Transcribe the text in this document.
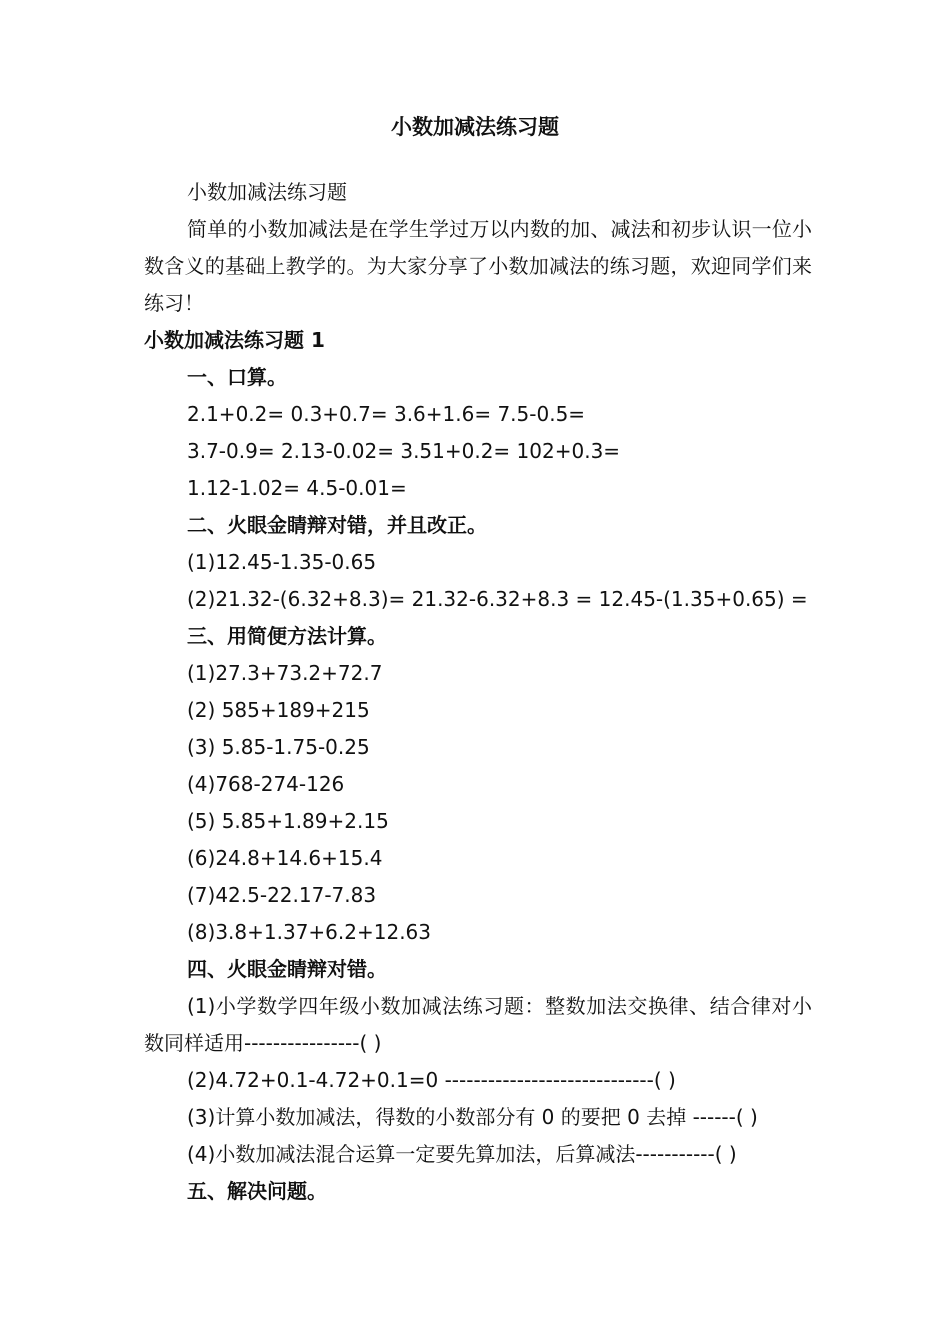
小数加减法练习题
小数加减法练习题
简单的小数加减法是在学生学过万以内数的加、减法和初步认识一位小数含义的基础上教学的。为大家分享了小数加减法的练习题，欢迎同学们来练习！
小数加减法练习题 1
一、口算。
2.1+0.2= 0.3+0.7= 3.6+1.6= 7.5-0.5=
3.7-0.9= 2.13-0.02= 3.51+0.2= 102+0.3=
1.12-1.02= 4.5-0.01=
二、火眼金睛辩对错，并且改正。
(1)12.45-1.35-0.65
(2)21.32-(6.32+8.3)= 21.32-6.32+8.3 = 12.45-(1.35+0.65) =
三、用简便方法计算。
(1)27.3+73.2+72.7
(2) 585+189+215
(3) 5.85-1.75-0.25
(4)768-274-126
(5) 5.85+1.89+2.15
(6)24.8+14.6+15.4
(7)42.5-22.17-7.83
(8)3.8+1.37+6.2+12.63
四、火眼金睛辩对错。
(1)小学数学四年级小数加减法练习题：整数加法交换律、结合律对小数同样适用----------------( )
(2)4.72+0.1-4.72+0.1=0 -----------------------------( )
(3)计算小数加减法，得数的小数部分有 0 的要把 0 去掉 ------( )
(4)小数加减法混合运算一定要先算加法，后算减法-----------( )
五、解决问题。
